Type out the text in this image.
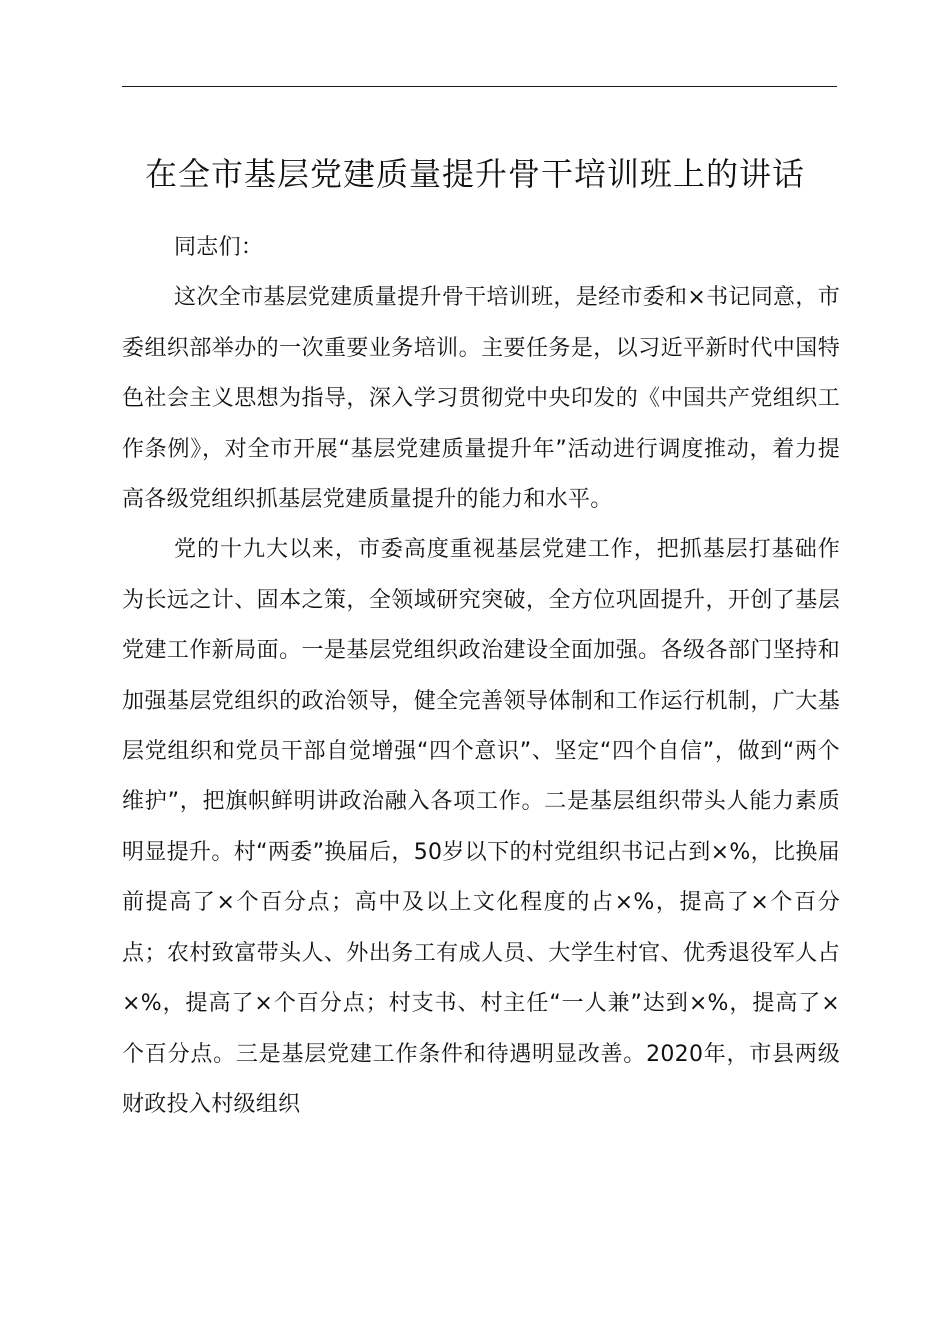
在全市基层党建质量提升骨干培训班上的讲话

同志们：

这次全市基层党建质量提升骨干培训班，是经市委和×书记同意，市委组织部举办的一次重要业务培训。主要任务是，以习近平新时代中国特色社会主义思想为指导，深入学习贯彻党中央印发的《中国共产党组织工作条例》，对全市开展“基层党建质量提升年”活动进行调度推动，着力提高各级党组织抓基层党建质量提升的能力和水平。

党的十九大以来，市委高度重视基层党建工作，把抓基层打基础作为长远之计、固本之策，全领域研究突破，全方位巩固提升，开创了基层党建工作新局面。一是基层党组织政治建设全面加强。各级各部门坚持和加强基层党组织的政治领导，健全完善领导体制和工作运行机制，广大基层党组织和党员干部自觉增强“四个意识”、坚定“四个自信”，做到“两个维护”，把旗帜鲜明讲政治融入各项工作。二是基层组织带头人能力素质明显提升。村“两委”换届后，50岁以下的村党组织书记占到×%，比换届前提高了×个百分点；高中及以上文化程度的占×%，提高了×个百分点；农村致富带头人、外出务工有成人员、大学生村官、优秀退役军人占×%，提高了×个百分点；村支书、村主任“一人兼”达到×%，提高了×个百分点。三是基层党建工作条件和待遇明显改善。2020年，市县两级财政投入村级组织
